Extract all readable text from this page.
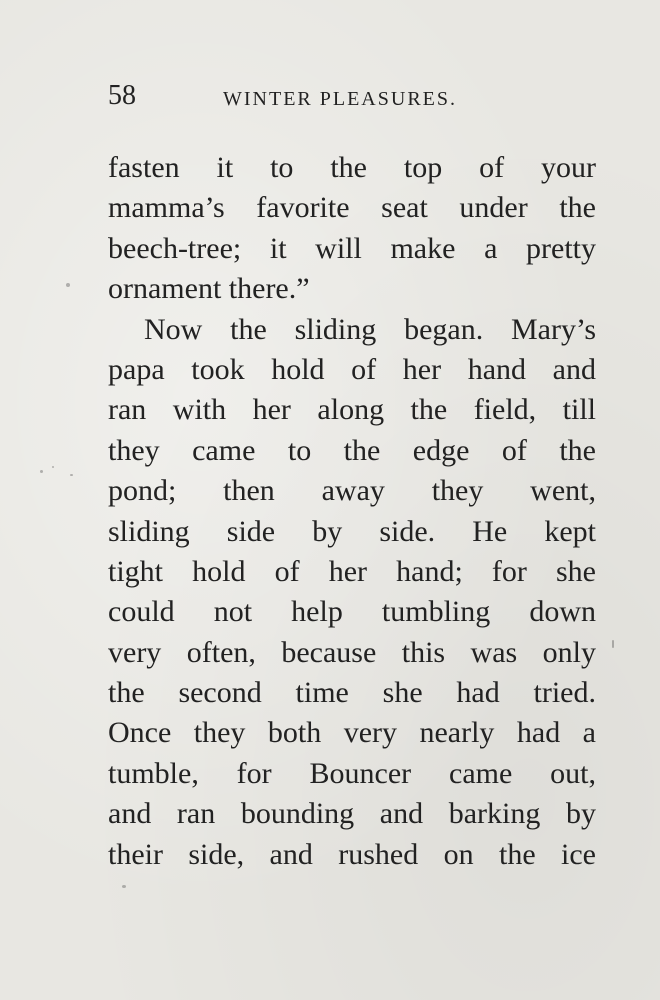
58	WINTER PLEASURES.
fasten it to the top of your
mamma’s favorite seat under the
beech-tree; it will make a pretty
ornament there.”
Now the sliding began. Mary’s
papa took hold of her hand and
ran with her along the field, till
they came to the edge of the
pond; then away they went,
sliding side by side. He kept
tight hold of her hand; for she
could not help tumbling down
very often, because this was only
the second time she had tried.
Once they both very nearly had a
tumble, for Bouncer came out,
and ran bounding and barking by
their side, and rushed on the ice
